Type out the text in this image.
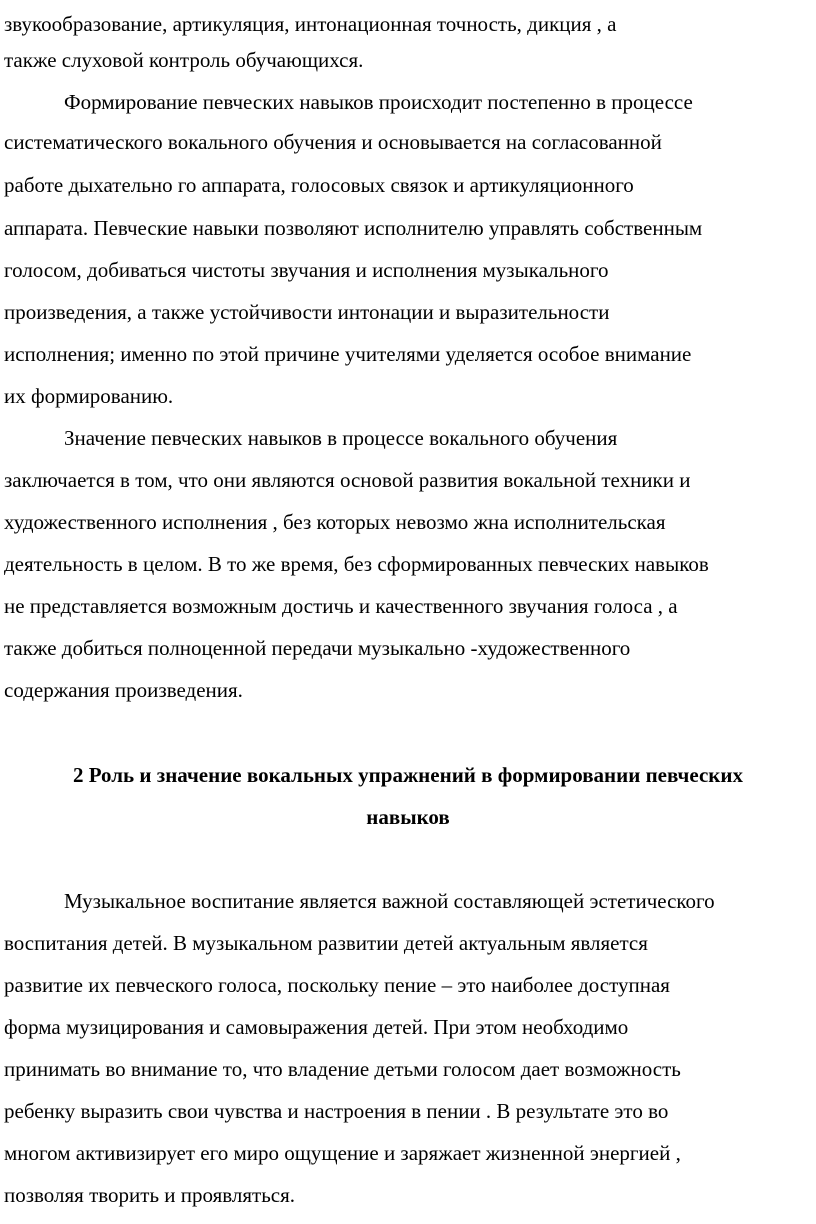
звукообразование, артикуляция, интонационная точность, дикция , а
также слуховой контроль обучающихся.
Формирование певческих навыков происходит постепенно в процессе
систематического вокального обучения и основывается на согласованной
работе дыхательно го аппарата, голосовых связок и артикуляционного
аппарата. Певческие навыки позволяют исполнителю управлять собственным
голосом, добиваться чистоты звучания и исполнения музыкального
произведения, а также устойчивости интонации и выразительности
исполнения; именно по этой причине учителями уделяется особое внимание
их формированию.
Значение певческих навыков в процессе вокального обучения
заключается в том, что они являются основой развития вокальной техники и
художественного исполнения , без которых невозмо жна исполнительская
деятельность в целом. В то же время, без сформированных певческих навыков
не представляется возможным достичь и качественного звучания голоса , а
также добиться полноценной передачи музыкально -художественного
содержания произведения.
2 Роль и значение вокальных упражнений в формировании певческих
навыков
Музыкальное воспитание является важной составляющей эстетического
воспитания детей. В музыкальном развитии детей актуальным является
развитие их певческого голоса, поскольку пение – это наиболее доступная
форма музицирования и самовыражения детей. При этом необходимо
принимать во внимание то, что владение детьми голосом дает возможность
ребенку выразить свои чувства и настроения в пении . В результате это во
многом активизирует его миро ощущение и заряжает жизненной энергией ,
позволяя творить и проявляться.
